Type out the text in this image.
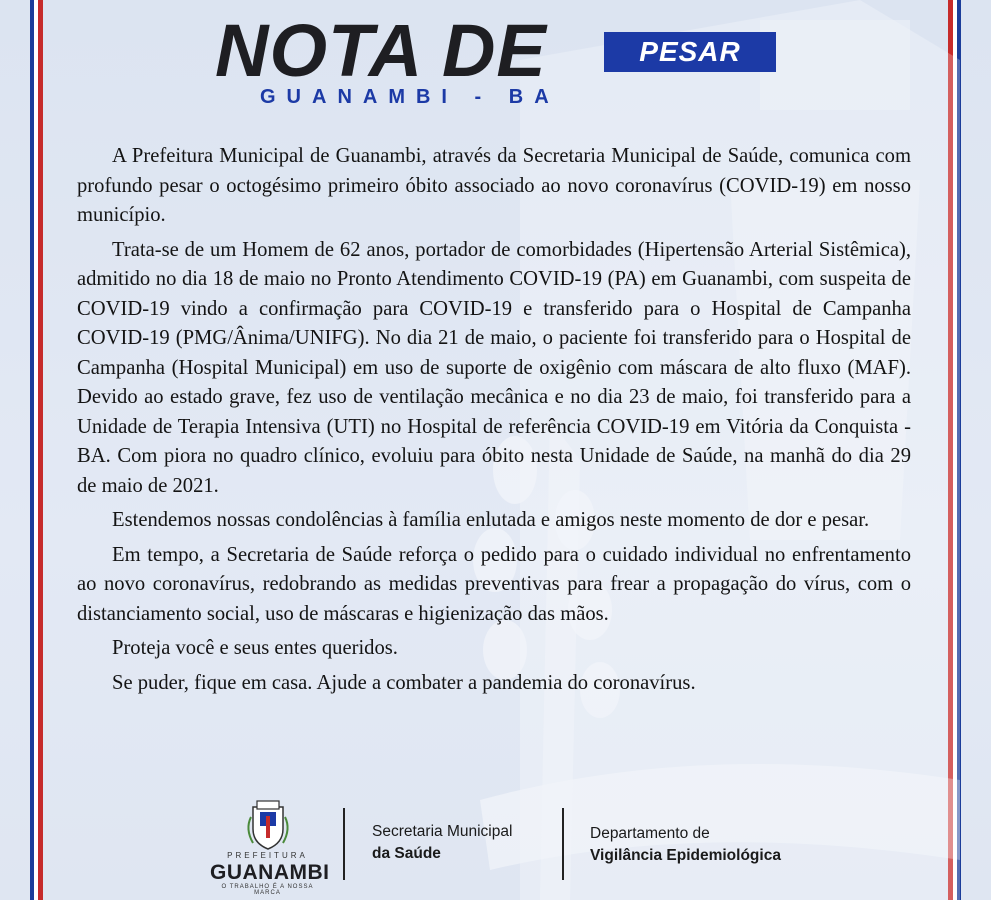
NOTA DE	PESAR
GUANAMBI - BA

A Prefeitura Municipal de Guanambi, através da Secretaria Municipal de Saúde, comunica com profundo pesar o octogésimo primeiro óbito associado ao novo coronavírus (COVID-19) em nosso município.

Trata-se de um Homem de 62 anos, portador de comorbidades (Hipertensão Arterial Sistêmica), admitido no dia 18 de maio no Pronto Atendimento COVID-19 (PA) em Guanambi, com suspeita de COVID-19 vindo a confirmação para COVID-19 e transferido para o Hospital de Campanha COVID-19 (PMG/Ânima/UNIFG). No dia 21 de maio, o paciente foi transferido para o Hospital de Campanha (Hospital Municipal) em uso de suporte de oxigênio com máscara de alto fluxo (MAF). Devido ao estado grave, fez uso de ventilação mecânica e no dia 23 de maio, foi transferido para a Unidade de Terapia Intensiva (UTI) no Hospital de referência COVID-19 em Vitória da Conquista - BA. Com piora no quadro clínico, evoluiu para óbito nesta Unidade de Saúde, na manhã do dia 29 de maio de 2021.

Estendemos nossas condolências à família enlutada e amigos neste momento de dor e pesar.

Em tempo, a Secretaria de Saúde reforça o pedido para o cuidado individual no enfrentamento ao novo coronavírus, redobrando as medidas preventivas para frear a propagação do vírus, com o distanciamento social, uso de máscaras e higienização das mãos.

Proteja você e seus entes queridos.

Se puder, fique em casa. Ajude a combater a pandemia do coronavírus.

PREFEITURA
GUANAMBI
O TRABALHO É A NOSSA MARCA
Secretaria Municipal
da Saúde
Departamento de
Vigilância Epidemiológica
